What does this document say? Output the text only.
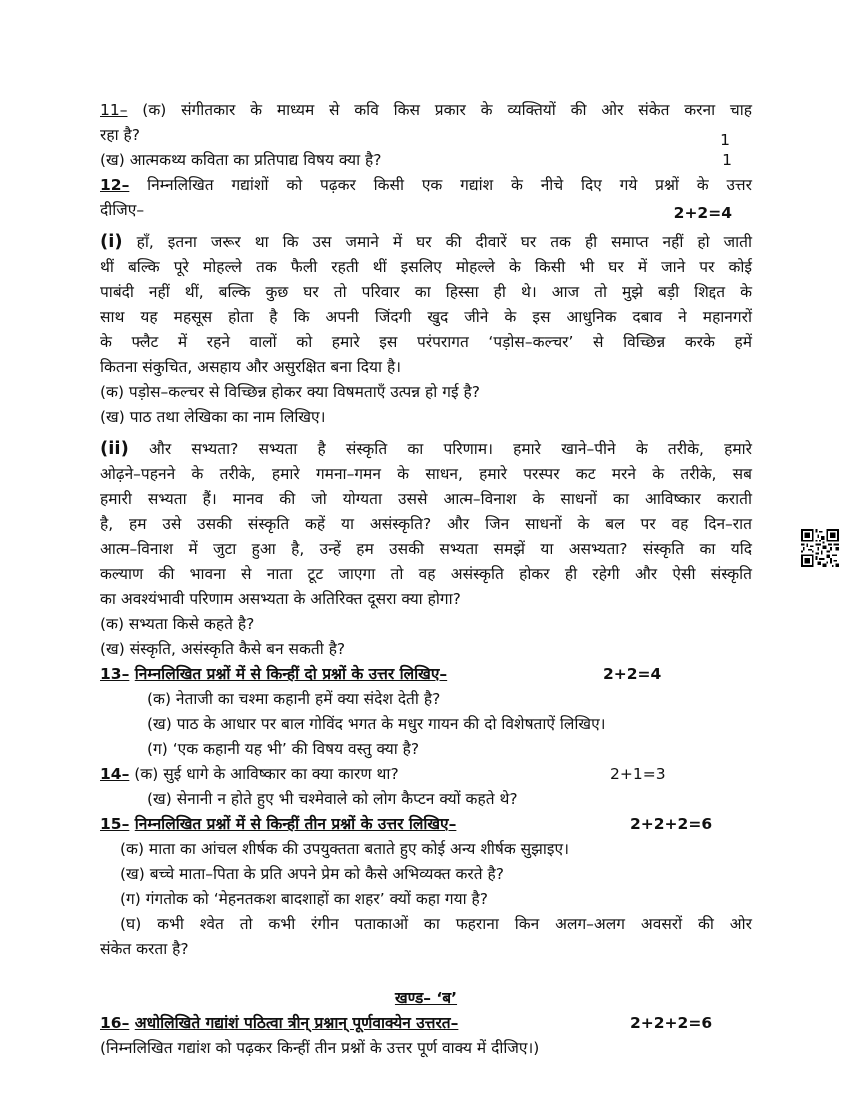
11– (क) संगीतकार के माध्यम से कवि किस प्रकार के व्यक्तियों की ओर संकेत करना चाह
रहा है?	1
(ख) आत्मकथ्य कविता का प्रतिपाद्य विषय क्या है?	1
12– निम्नलिखित गद्यांशों को पढ़कर किसी एक गद्यांश के नीचे दिए गये प्रश्नों के उत्तर
दीजिए–	2+2=4
(i) हाँ, इतना जरूर था कि उस जमाने में घर की दीवारें घर तक ही समाप्त नहीं हो जाती
थीं बल्कि पूरे मोहल्ले तक फैली रहती थीं इसलिए मोहल्ले के किसी भी घर में जाने पर कोई
पाबंदी नहीं थीं, बल्कि कुछ घर तो परिवार का हिस्सा ही थे। आज तो मुझे बड़ी शिद्दत के
साथ यह महसूस होता है कि अपनी जिंदगी खुद जीने के इस आधुनिक दबाव ने महानगरों
के फ्लैट में रहने वालों को हमारे इस परंपरागत ‘पड़ोस–कल्चर’ से विच्छिन्न करके हमें
कितना संकुचित, असहाय और असुरक्षित बना दिया है।
(क) पड़ोस–कल्चर से विच्छिन्न होकर क्या विषमताएँ उत्पन्न हो गई है?
(ख) पाठ तथा लेखिका का नाम लिखिए।
(ii) और सभ्यता? सभ्यता है संस्कृति का परिणाम। हमारे खाने–पीने के तरीके, हमारे
ओढ़ने–पहनने के तरीके, हमारे गमना–गमन के साधन, हमारे परस्पर कट मरने के तरीके, सब
हमारी सभ्यता हैं। मानव की जो योग्यता उससे आत्म–विनाश के साधनों का आविष्कार कराती
है, हम उसे उसकी संस्कृति कहें या असंस्कृति? और जिन साधनों के बल पर वह दिन–रात
आत्म–विनाश में जुटा हुआ है, उन्हें हम उसकी सभ्यता समझें या असभ्यता? संस्कृति का यदि
कल्याण की भावना से नाता टूट जाएगा तो वह असंस्कृति होकर ही रहेगी और ऐसी संस्कृति
का अवश्यंभावी परिणाम असभ्यता के अतिरिक्त दूसरा क्या होगा?
(क) सभ्यता किसे कहते है?
(ख) संस्कृति, असंस्कृति कैसे बन सकती है?
13– निम्नलिखित प्रश्नों में से किन्हीं दो प्रश्नों के उत्तर लिखिए–	2+2=4
(क) नेताजी का चश्मा कहानी हमें क्या संदेश देती है?
(ख) पाठ के आधार पर बाल गोविंद भगत के मधुर गायन की दो विशेषताऐं लिखिए।
(ग) ‘एक कहानी यह भी’ की विषय वस्तु क्या है?
14– (क) सुई धागे के आविष्कार का क्या कारण था?	2+1=3
(ख) सेनानी न होते हुए भी चश्मेवाले को लोग कैप्टन क्यों कहते थे?
15– निम्नलिखित प्रश्नों में से किन्हीं तीन प्रश्नों के उत्तर लिखिए–	2+2+2=6
(क) माता का आंचल शीर्षक की उपयुक्तता बताते हुए कोई अन्य शीर्षक सुझाइए।
(ख) बच्चे माता–पिता के प्रति अपने प्रेम को कैसे अभिव्यक्त करते है?
(ग) गंगतोक को ‘मेहनतकश बादशाहों का शहर’ क्यों कहा गया है?
(घ) कभी श्वेत तो कभी रंगीन पताकाओं का फहराना किन अलग–अलग अवसरों की ओर
संकेत करता है?
खण्ड– ‘ब’
16– अधोलिखिते गद्यांशं पठित्वा त्रीन् प्रश्नान् पूर्णवाक्येन उत्तरत–	2+2+2=6
(निम्नलिखित गद्यांश को पढ़कर किन्हीं तीन प्रश्नों के उत्तर पूर्ण वाक्य में दीजिए।)
